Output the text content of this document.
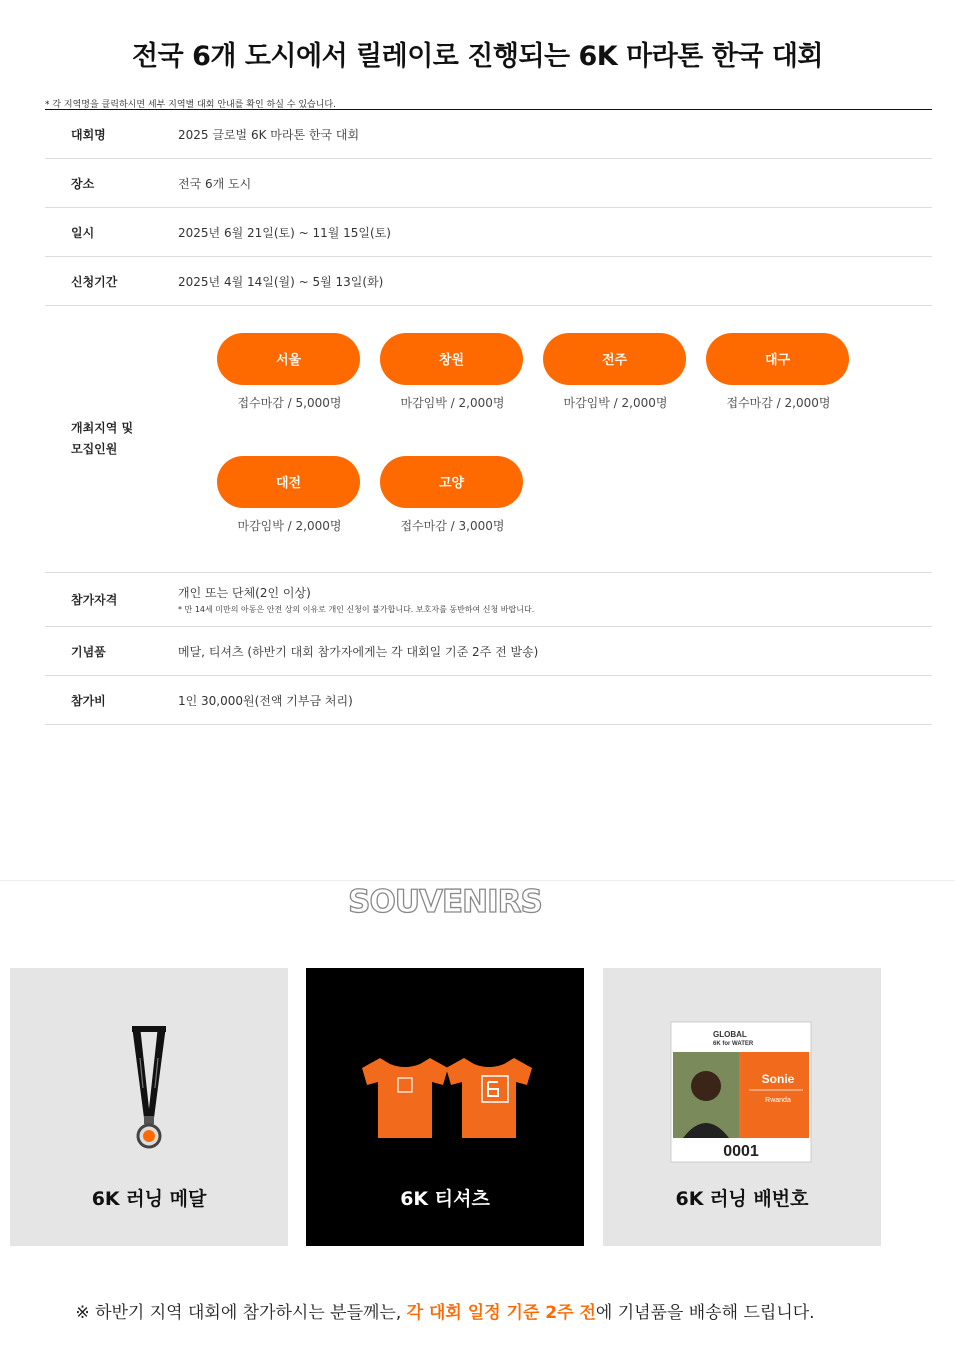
전국 6개 도시에서 릴레이로 진행되는 6K 마라톤 한국 대회
* 각 지역명을 클릭하시면 세부 지역별 대회 안내를 확인 하실 수 있습니다.
대회명	2025 글로벌 6K 마라톤 한국 대회
장소	전국 6개 도시
일시	2025년 6월 21일(토) ~ 11월 15일(토)
신청기간	2025년 4월 14일(월) ~ 5월 13일(화)
개최지역 및
모집인원
서울
접수마감 / 5,000명
창원
마감임박 / 2,000명
전주
마감임박 / 2,000명
대구
접수마감 / 2,000명
대전
마감임박 / 2,000명
고양
접수마감 / 3,000명
참가자격	개인 또는 단체(2인 이상)
* 만 14세 미만의 아동은 안전 상의 이유로 개인 신청이 불가합니다. 보호자를 동반하여 신청 바랍니다.
기념품	메달, 티셔츠 (하반기 대회 참가자에게는 각 대회일 기준 2주 전 발송)
참가비	1인 30,000원(전액 기부금 처리)
SOUVENIRS
6K 러닝 메달	6K 티셔츠
GLOBAL
6K for WATER
Sonie
Rwanda
0001
6K 러닝 배번호
※ 하반기 지역 대회에 참가하시는 분들께는, 각 대회 일정 기준 2주 전에 기념품을 배송해 드립니다.
